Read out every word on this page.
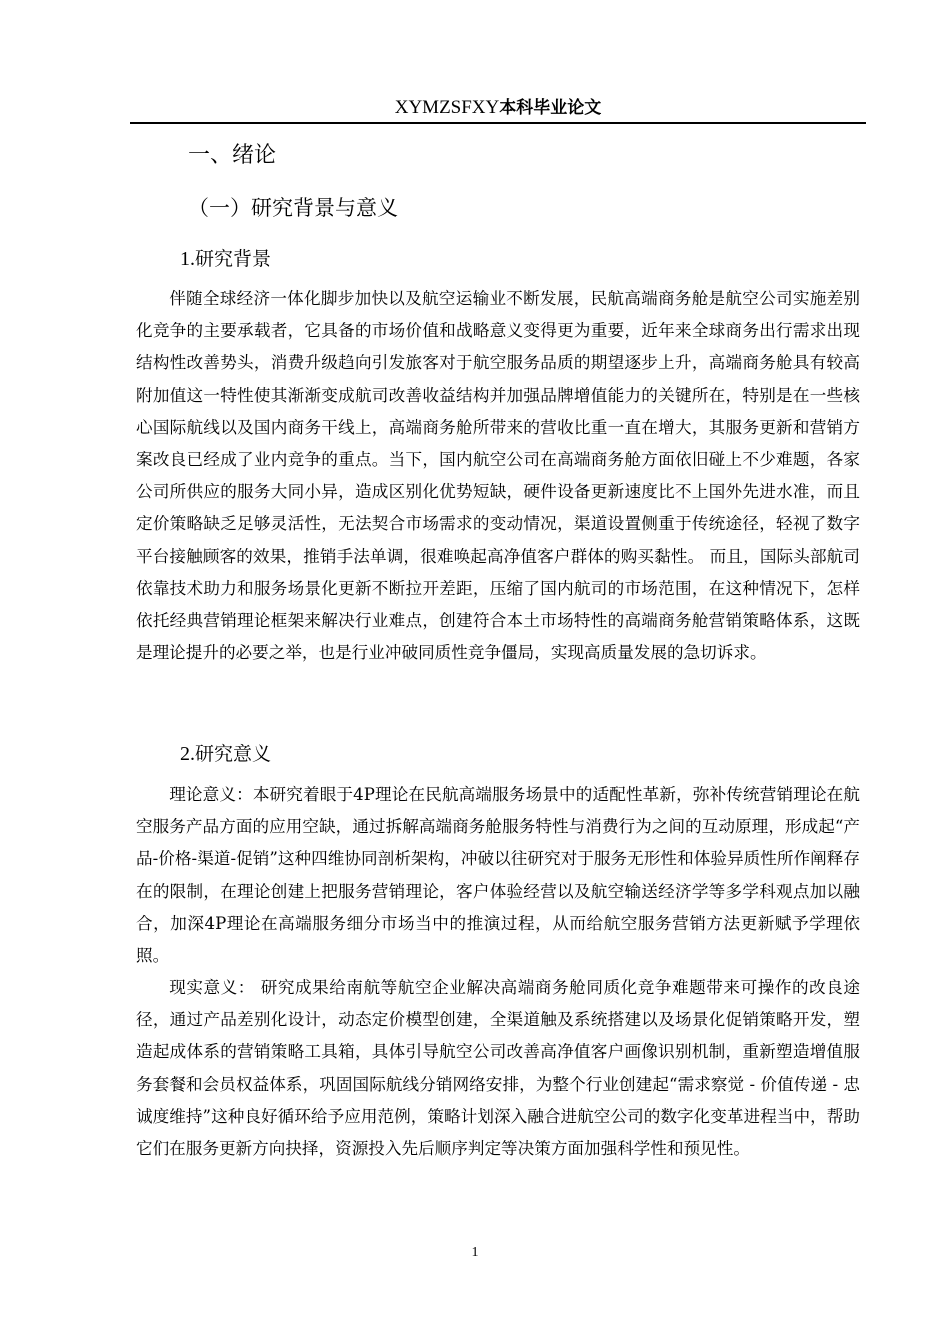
XYMZSFXY本科毕业论文
一、绪论
（一）研究背景与意义
1.研究背景

伴随全球经济一体化脚步加快以及航空运输业不断发展，民航高端商务舱是航空公司实施差别化竞争的主要承载者，它具备的市场价值和战略意义变得更为重要，近年来全球商务出行需求出现结构性改善势头，消费升级趋向引发旅客对于航空服务品质的期望逐步上升，高端商务舱具有较高附加值这一特性使其渐渐变成航司改善收益结构并加强品牌增值能力的关键所在，特别是在一些核心国际航线以及国内商务干线上，高端商务舱所带来的营收比重一直在增大，其服务更新和营销方案改良已经成了业内竞争的重点。当下，国内航空公司在高端商务舱方面依旧碰上不少难题，各家公司所供应的服务大同小异，造成区别化优势短缺，硬件设备更新速度比不上国外先进水准，而且定价策略缺乏足够灵活性，无法契合市场需求的变动情况，渠道设置侧重于传统途径，轻视了数字平台接触顾客的效果，推销手法单调，很难唤起高净值客户群体的购买黏性。 而且，国际头部航司依靠技术助力和服务场景化更新不断拉开差距，压缩了国内航司的市场范围，在这种情况下，怎样依托经典营销理论框架来解决行业难点，创建符合本土市场特性的高端商务舱营销策略体系，这既是理论提升的必要之举，也是行业冲破同质性竞争僵局，实现高质量发展的急切诉求。

2.研究意义

理论意义：本研究着眼于4P理论在民航高端服务场景中的适配性革新，弥补传统营销理论在航空服务产品方面的应用空缺，通过拆解高端商务舱服务特性与消费行为之间的互动原理，形成起“产品-价格-渠道-促销”这种四维协同剖析架构，冲破以往研究对于服务无形性和体验异质性所作阐释存在的限制，在理论创建上把服务营销理论，客户体验经营以及航空输送经济学等多学科观点加以融合，加深4P理论在高端服务细分市场当中的推演过程，从而给航空服务营销方法更新赋予学理依照。

现实意义： 研究成果给南航等航空企业解决高端商务舱同质化竞争难题带来可操作的改良途径，通过产品差别化设计，动态定价模型创建，全渠道触及系统搭建以及场景化促销策略开发，塑造起成体系的营销策略工具箱，具体引导航空公司改善高净值客户画像识别机制，重新塑造增值服务套餐和会员权益体系，巩固国际航线分销网络安排，为整个行业创建起“需求察觉 - 价值传递 - 忠诚度维持”这种良好循环给予应用范例，策略计划深入融合进航空公司的数字化变革进程当中，帮助它们在服务更新方向抉择，资源投入先后顺序判定等决策方面加强科学性和预见性。

1
